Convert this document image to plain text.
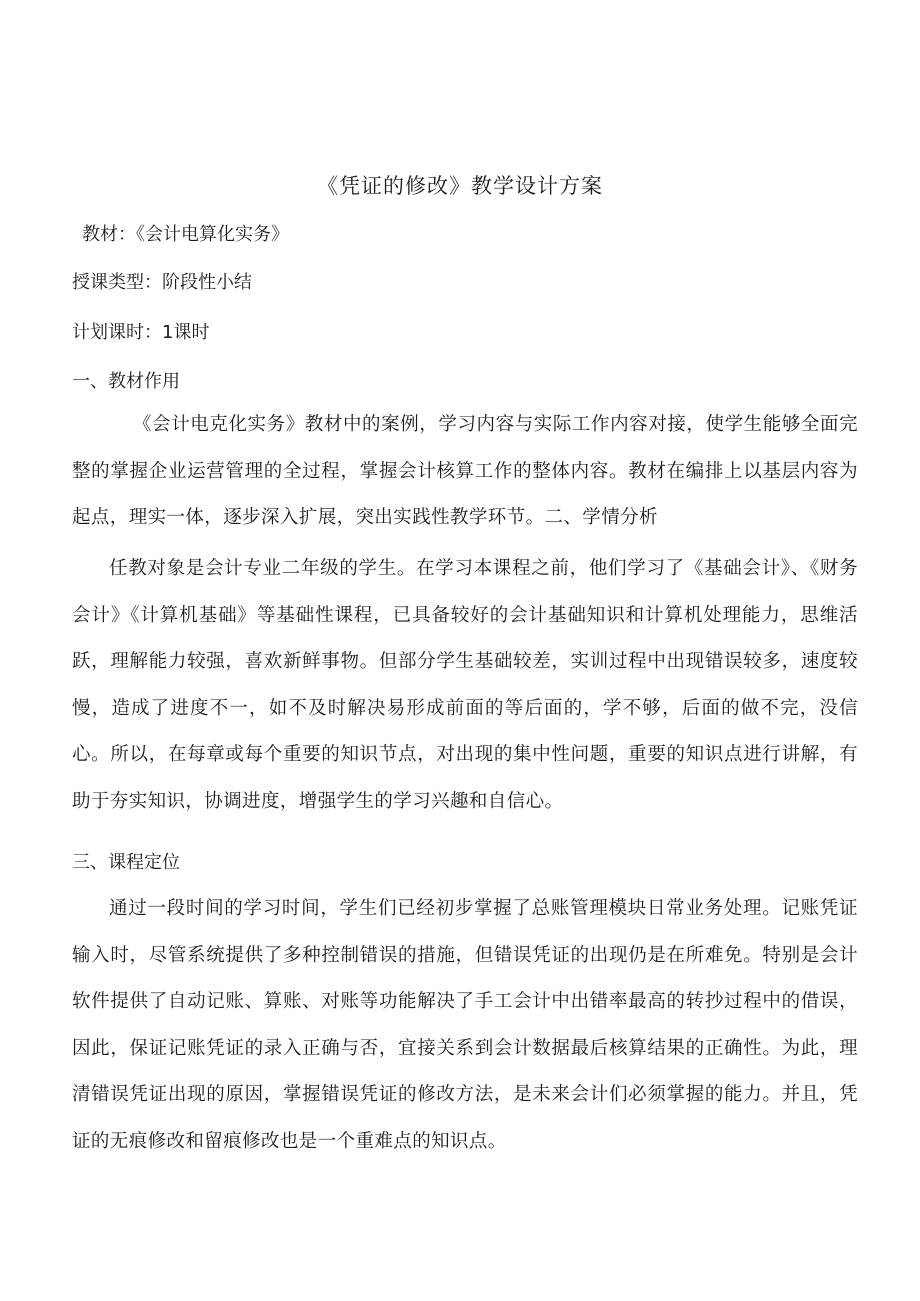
《凭证的修改》教学设计方案
教材：《会计电算化实务》
授课类型：阶段性小结
计划课时：1课时
一、教材作用
《会计电克化实务》教材中的案例，学习内容与实际工作内容对接，使学生能够全面完整的掌握企业运营管理的全过程，掌握会计核算工作的整体内容。教材在编排上以基层内容为起点，理实一体，逐步深入扩展，突出实践性教学环节。二、学情分析
任教对象是会计专业二年级的学生。在学习本课程之前，他们学习了《基础会计》、《财务会计》《计算机基础》等基础性课程，已具备较好的会计基础知识和计算机处理能力，思维活跃，理解能力较强，喜欢新鲜事物。但部分学生基础较差，实训过程中出现错误较多，速度较慢，造成了进度不一，如不及时解决易形成前面的等后面的，学不够，后面的做不完，没信心。所以，在每章或每个重要的知识节点，对出现的集中性问题，重要的知识点进行讲解，有助于夯实知识，协调进度，增强学生的学习兴趣和自信心。
三、课程定位
通过一段时间的学习时间，学生们已经初步掌握了总账管理模块日常业务处理。记账凭证输入时，尽管系统提供了多种控制错误的措施，但错误凭证的出现仍是在所难免。特别是会计软件提供了自动记账、算账、对账等功能解决了手工会计中出错率最高的转抄过程中的借误，因此，保证记账凭证的录入正确与否，宜接关系到会计数据最后核算结果的正确性。为此，理清错误凭证出现的原因，掌握错误凭证的修改方法，是未来会计们必须掌握的能力。并且，凭证的无痕修改和留痕修改也是一个重难点的知识点。
